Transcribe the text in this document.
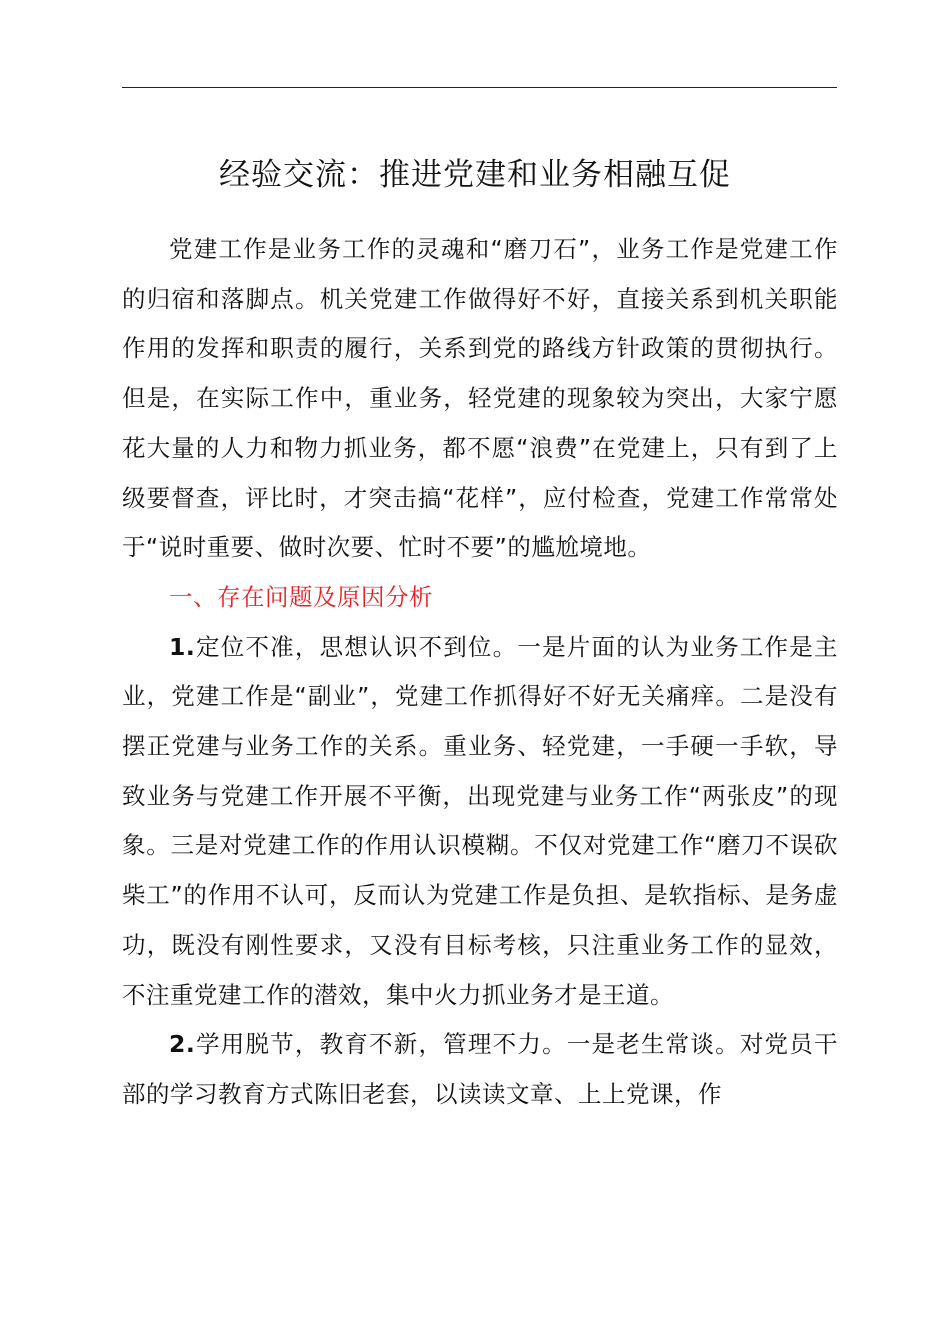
经验交流：推进党建和业务相融互促

党建工作是业务工作的灵魂和“磨刀石”，业务工作是党建工作的归宿和落脚点。机关党建工作做得好不好，直接关系到机关职能作用的发挥和职责的履行，关系到党的路线方针政策的贯彻执行。但是，在实际工作中，重业务，轻党建的现象较为突出，大家宁愿花大量的人力和物力抓业务，都不愿“浪费”在党建上，只有到了上级要督查，评比时，才突击搞“花样”，应付检查，党建工作常常处于“说时重要、做时次要、忙时不要”的尴尬境地。

一、存在问题及原因分析

1.定位不准，思想认识不到位。一是片面的认为业务工作是主业，党建工作是“副业”，党建工作抓得好不好无关痛痒。二是没有摆正党建与业务工作的关系。重业务、轻党建，一手硬一手软，导致业务与党建工作开展不平衡，出现党建与业务工作“两张皮”的现象。三是对党建工作的作用认识模糊。不仅对党建工作“磨刀不误砍柴工”的作用不认可，反而认为党建工作是负担、是软指标、是务虚功，既没有刚性要求，又没有目标考核，只注重业务工作的显效，不注重党建工作的潜效，集中火力抓业务才是王道。

2.学用脱节，教育不新，管理不力。一是老生常谈。对党员干部的学习教育方式陈旧老套，以读读文章、上上党课，作
